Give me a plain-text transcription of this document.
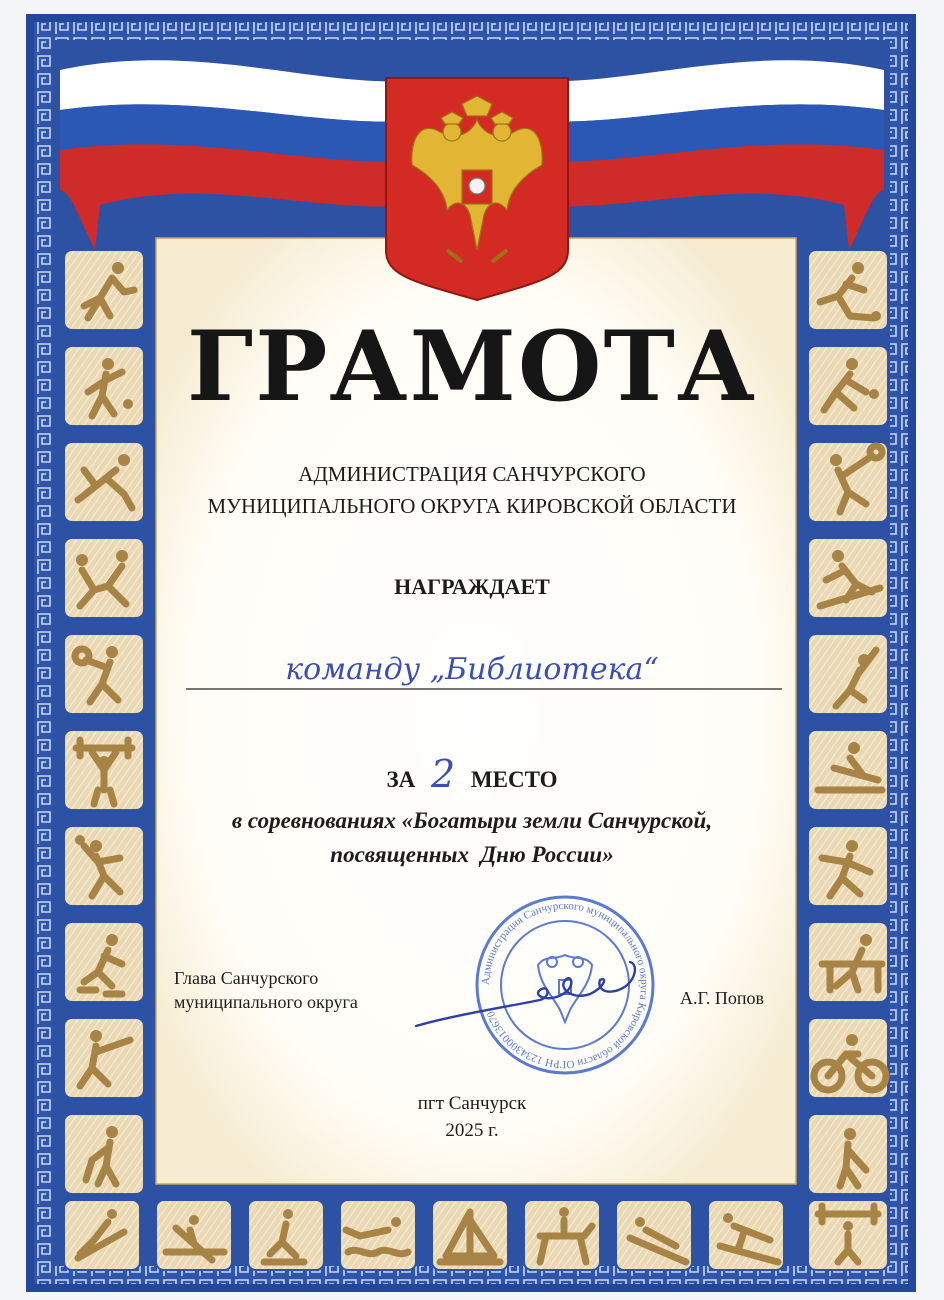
ГРАМОТА
АДМИНИСТРАЦИЯ САНЧУРСКОГО
МУНИЦИПАЛЬНОГО ОКРУГА КИРОВСКОЙ ОБЛАСТИ
НАГРАЖДАЕТ
команду „Библиотека“
ЗА 2 МЕСТО
в соревнованиях «Богатыри земли Санчурской,
посвященных  Дню России»
Глава Санчурского
муниципального округа	А.Г. Попов
пгт Санчурск
2025 г.
Администрация Санчурского муниципального округа Кировской области ОГРН 1234300013670
